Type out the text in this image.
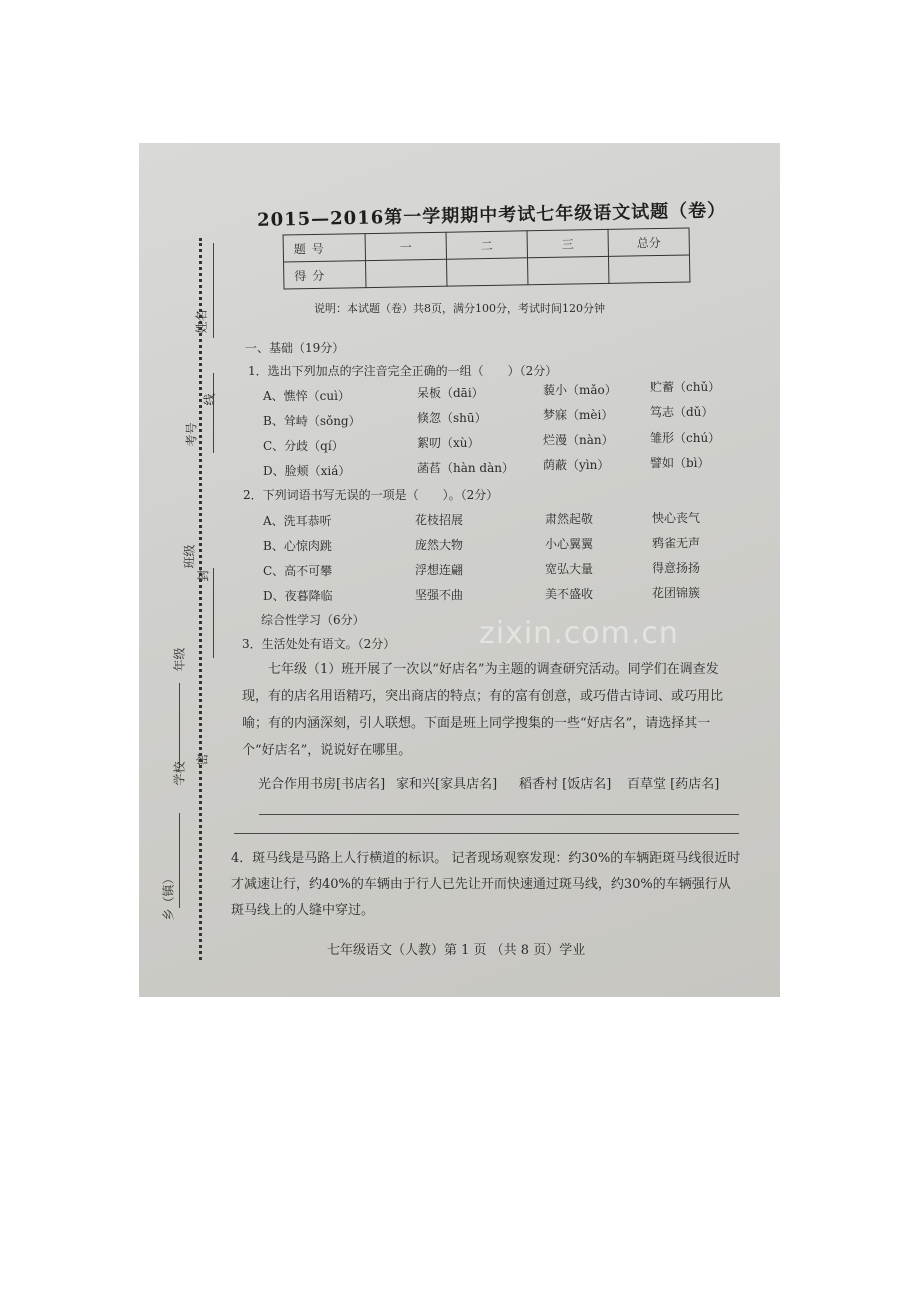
2015—2016第一学期期中考试七年级语文试题（卷）
题号	一	二	三	总分
得分				
说明：本试题（卷）共8页，满分100分，考试时间120分钟
姓名
考号
班级
年级
学校
乡（镇）
线
封
密
一、基础（19分）
1．选出下列加点的字注音完全正确的一组（　　）（2分）
A、憔悴（cuì）	呆板（dāi）	藐小（mǎo）	贮蓄（chǔ）
B、耸峙（sǒng）	倏忽（shū）	梦寐（mèi）	笃志（dǔ）
C、分歧（qí）	絮叨（xù）	烂漫（nàn）	雏形（chú）
D、脸颊（xiá）	菡萏（hàn dàn） 荫蔽（yìn）	譬如（bì）
2．下列词语书写无误的一项是（　　）。（2分）
A、洗耳恭听	花枝招展	肃然起敬	怏心丧气
B、心惊肉跳	庞然大物	小心翼翼	鸦雀无声
C、高不可攀	浮想连翩	宽弘大量	得意扬扬
D、夜暮降临	坚强不曲	美不盛收	花团锦簇
综合性学习（6分）
3．生活处处有语文。（2分）	zixin.com.cn
七年级（1）班开展了一次以“好店名”为主题的调查研究活动。同学们在调查发现，有的店名用语精巧，突出商店的特点；有的富有创意，或巧借古诗词、或巧用比喻；有的内涵深刻，引人联想。下面是班上同学搜集的一些“好店名”，请选择其一个“好店名”，说说好在哪里。
光合作用书房[书店名] 家和兴[家具店名] 稻香村 [饭店名] 百草堂 [药店名]
4．斑马线是马路上人行横道的标识。 记者现场观察发现：约30%的车辆距斑马线很近时才减速让行，约40%的车辆由于行人已先让开而快速通过斑马线，约30%的车辆强行从斑马线上的人缝中穿过。
七年级语文（人教）第 1 页 （共 8 页）学业
